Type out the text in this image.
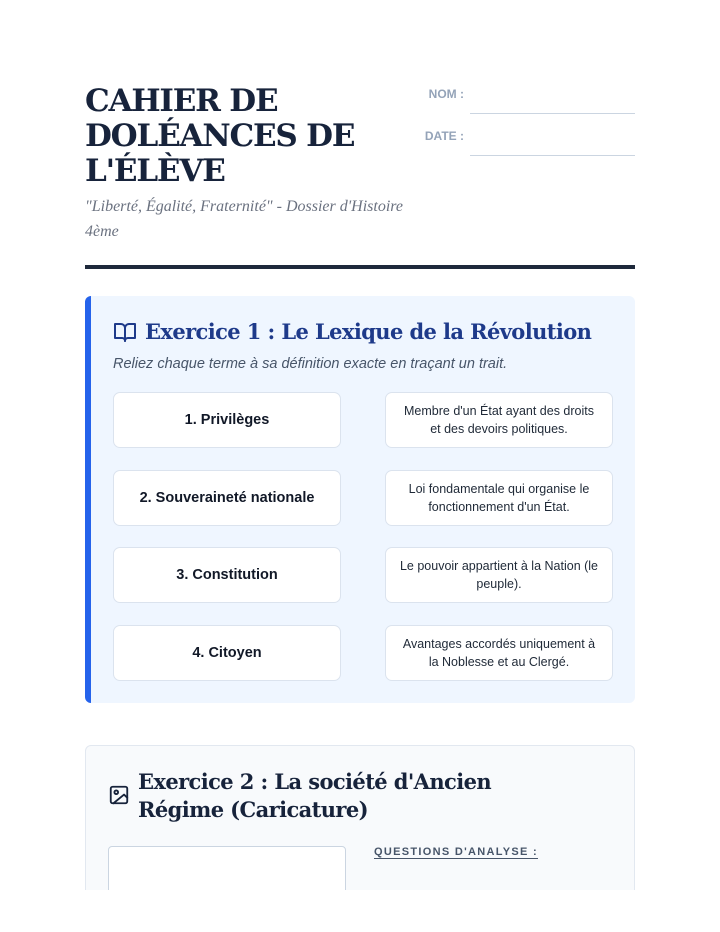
CAHIER DE DOLÉANCES DE L'ÉLÈVE

"Liberté, Égalité, Fraternité" - Dossier d'Histoire 4ème

NOM :
DATE :
Exercice 1 : Le Lexique de la Révolution

Reliez chaque terme à sa définition exacte en traçant un trait.

1. Privilèges
2. Souveraineté nationale
3. Constitution
4. Citoyen
Membre d'un État ayant des droits et des devoirs politiques.
Loi fondamentale qui organise le fonctionnement d'un État.
Le pouvoir appartient à la Nation (le peuple).
Avantages accordés uniquement à la Noblesse et au Clergé.
Exercice 2 : La société d'Ancien Régime (Caricature)

QUESTIONS D'ANALYSE :
